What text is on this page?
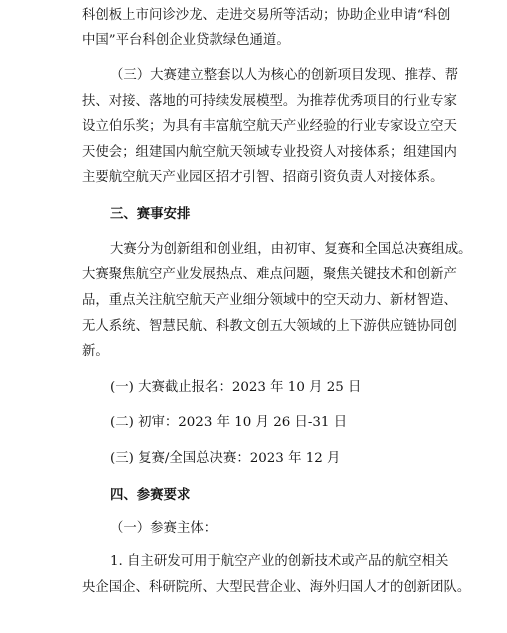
科创板上市问诊沙龙、走进交易所等活动；协助企业申请“科创
中国”平台科创企业贷款绿色通道。
（三）大赛建立整套以人为核心的创新项目发现、推荐、帮
扶、对接、落地的可持续发展模型。为推荐优秀项目的行业专家
设立伯乐奖；为具有丰富航空航天产业经验的行业专家设立空天
天使会；组建国内航空航天领域专业投资人对接体系；组建国内
主要航空航天产业园区招才引智、招商引资负责人对接体系。
三、赛事安排
大赛分为创新组和创业组，由初审、复赛和全国总决赛组成。
大赛聚焦航空产业发展热点、难点问题，聚焦关键技术和创新产
品，重点关注航空航天产业细分领域中的空天动力、新材智造、
无人系统、智慧民航、科教文创五大领域的上下游供应链协同创
新。
(一) 大赛截止报名：2023 年 10 月 25 日
(二) 初审：2023 年 10 月 26 日-31 日
(三) 复赛/全国总决赛：2023 年 12 月
四、参赛要求
（一）参赛主体：
1. 自主研发可用于航空产业的创新技术或产品的航空相关
央企国企、科研院所、大型民营企业、海外归国人才的创新团队。
